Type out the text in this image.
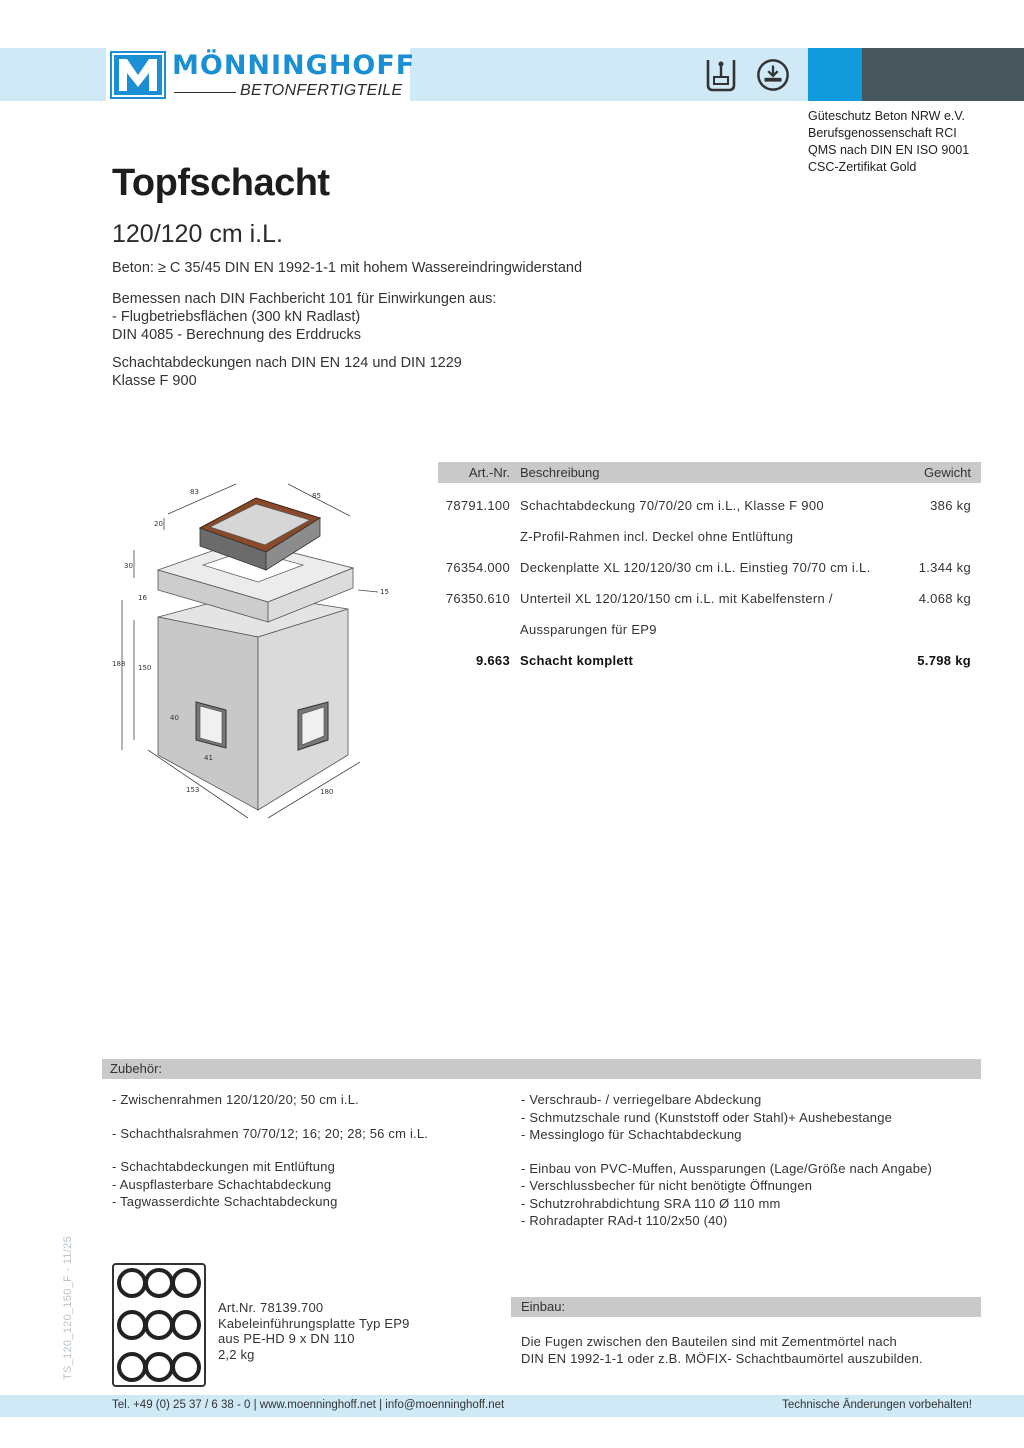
MÖNNINGHOFF
BETONFERTIGTEILE
Güteschutz Beton NRW e.V.
Berufsgenossenschaft RCI
QMS nach DIN EN ISO 9001
CSC-Zertifikat Gold
Topfschacht
120/120 cm i.L.
Beton: ≥ C 35/45 DIN EN 1992-1-1 mit hohem Wassereindringwiderstand
Bemessen nach DIN Fachbericht 101 für Einwirkungen aus:
- Flugbetriebsflächen (300 kN Radlast)
DIN 4085 - Berechnung des Erddrucks
Schachtabdeckungen nach DIN EN 124 und DIN 1229
Klasse F 900
83	85
20
30
16
15
188 150
40
41
153	180
Art.-Nr. Beschreibung	Gewicht
78791.100 Schachtabdeckung 70/70/20 cm i.L., Klasse F 900	386 kg
Z-Profil-Rahmen incl. Deckel ohne Entlüftung
76354.000 Deckenplatte XL 120/120/30 cm i.L. Einstieg 70/70 cm i.L.	1.344 kg
76350.610 Unterteil XL 120/120/150 cm i.L. mit Kabelfenstern /	4.068 kg
Aussparungen für EP9
9.663 Schacht komplett	5.798 kg
Zubehör:
- Zwischenrahmen 120/120/20; 50 cm i.L.
- Schachthalsrahmen 70/70/12; 16; 20; 28; 56 cm i.L.
- Schachtabdeckungen mit Entlüftung
- Auspflasterbare Schachtabdeckung
- Tagwasserdichte Schachtabdeckung
- Verschraub- / verriegelbare Abdeckung
- Schmutzschale rund (Kunststoff oder Stahl)+ Aushebestange
- Messinglogo für Schachtabdeckung
- Einbau von PVC-Muffen, Aussparungen (Lage/Größe nach Angabe)
- Verschlussbecher für nicht benötigte Öffnungen
- Schutzrohrabdichtung SRA 110 Ø 110 mm
- Rohradapter RAd-t 110/2x50 (40)
TS_120_120_150_F - 11/25	Art.Nr. 78139.700
Kabeleinführungsplatte Typ EP9
aus PE-HD 9 x DN 110
2,2 kg
Einbau:
Die Fugen zwischen den Bauteilen sind mit Zementmörtel nach
DIN EN 1992-1-1 oder z.B. MÖFIX- Schachtbaumörtel auszubilden.
Tel. +49 (0) 25 37 / 6 38 - 0 | www.moenninghoff.net | info@moenninghoff.net	Technische Änderungen vorbehalten!
